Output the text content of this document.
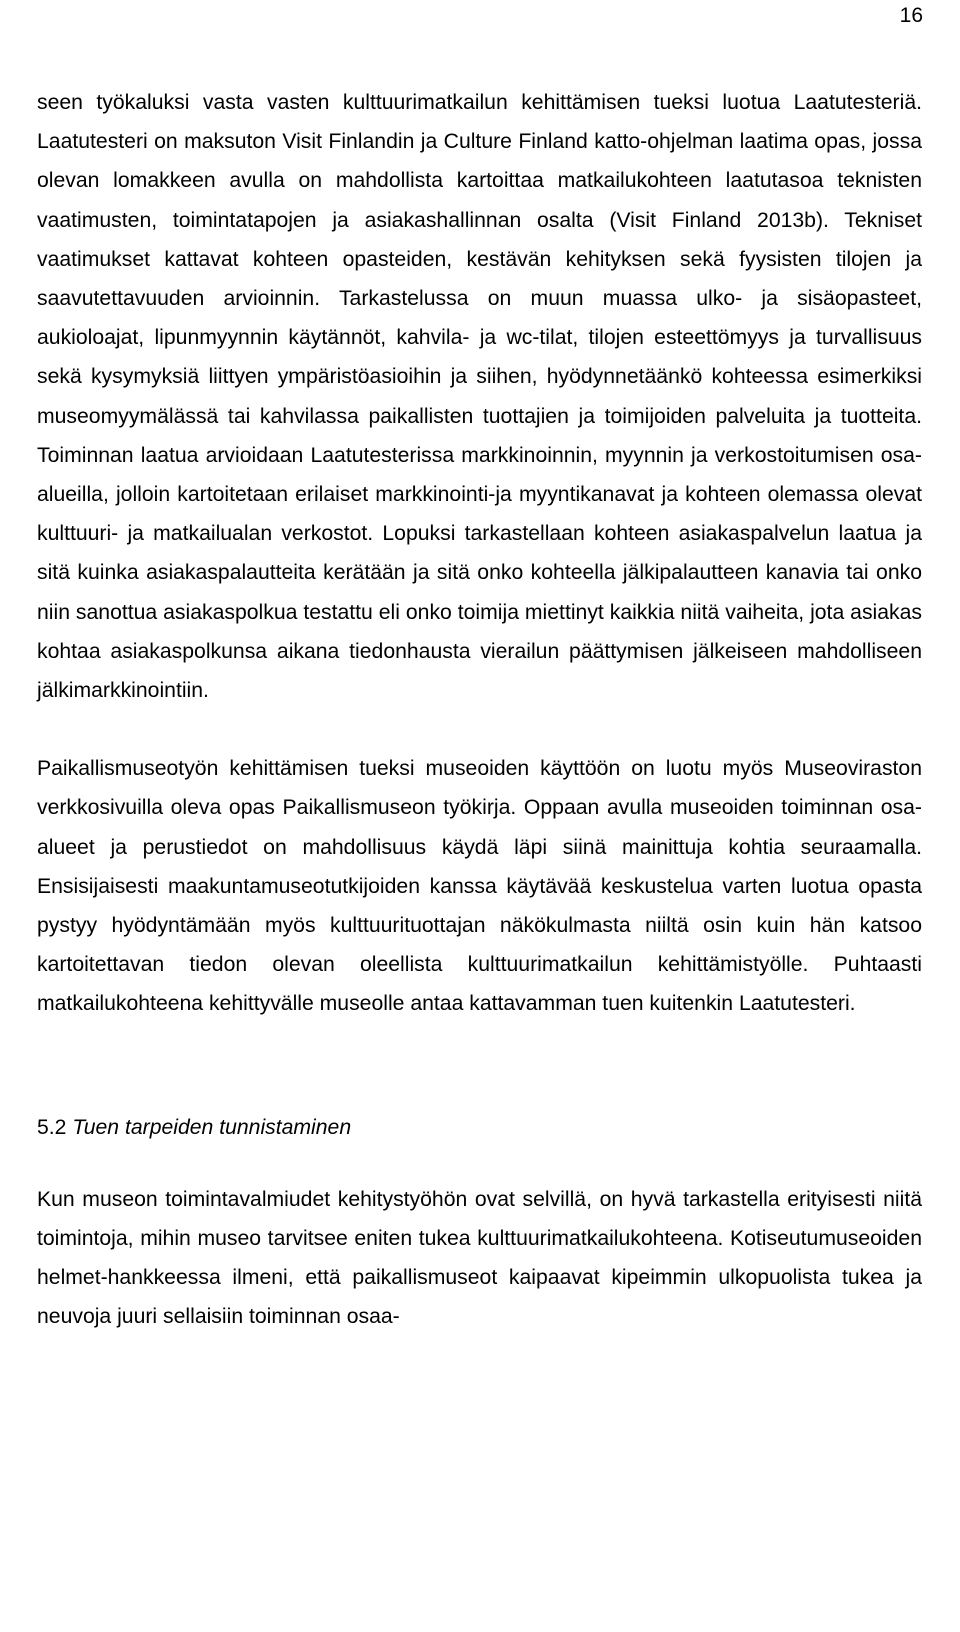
16

seen työkaluksi vasta vasten kulttuurimatkailun kehittämisen tueksi luotua Laatutesteriä. Laatutesteri on maksuton Visit Finlandin ja Culture Finland katto-ohjelman laatima opas, jossa olevan lomakkeen avulla on mahdollista kartoittaa matkailukohteen laatutasoa teknisten vaatimusten, toimintatapojen ja asiakashallinnan osalta (Visit Finland 2013b). Tekniset vaatimukset kattavat kohteen opasteiden, kestävän kehityksen sekä fyysisten tilojen ja saavutettavuuden arvioinnin. Tarkastelussa on muun muassa ulko- ja sisäopasteet, aukioloajat, lipunmyynnin käytännöt, kahvila- ja wc-tilat, tilojen esteettömyys ja turvallisuus sekä kysymyksiä liittyen ympäristöasioihin ja siihen, hyödynnetäänkö kohteessa esimerkiksi museomyymälässä tai kahvilassa paikallisten tuottajien ja toimijoiden palveluita ja tuotteita. Toiminnan laatua arvioidaan Laatutesterissa markkinoinnin, myynnin ja verkostoitumisen osa-alueilla, jolloin kartoitetaan erilaiset markkinointi-ja myyntikanavat ja kohteen olemassa olevat kulttuuri- ja matkailualan verkostot. Lopuksi tarkastellaan kohteen asiakaspalvelun laatua ja sitä kuinka asiakaspalautteita kerätään ja sitä onko kohteella jälkipalautteen kanavia tai onko niin sanottua asiakaspolkua testattu eli onko toimija miettinyt kaikkia niitä vaiheita, jota asiakas kohtaa asiakaspolkunsa aikana tiedonhausta vierailun päättymisen jälkeiseen mahdolliseen jälkimarkkinointiin.

Paikallismuseotyön kehittämisen tueksi museoiden käyttöön on luotu myös Museoviraston verkkosivuilla oleva opas Paikallismuseon työkirja. Oppaan avulla museoiden toiminnan osa-alueet ja perustiedot on mahdollisuus käydä läpi siinä mainittuja kohtia seuraamalla. Ensisijaisesti maakuntamuseotutkijoiden kanssa käytävää keskustelua varten luotua opasta pystyy hyödyntämään myös kulttuurituottajan näkökulmasta niiltä osin kuin hän katsoo kartoitettavan tiedon olevan oleellista kulttuurimatkailun kehittämistyölle. Puhtaasti matkailukohteena kehittyvälle museolle antaa kattavamman tuen kuitenkin Laatutesteri.

5.2 Tuen tarpeiden tunnistaminen

Kun museon toimintavalmiudet kehitystyöhön ovat selvillä, on hyvä tarkastella erityisesti niitä toimintoja, mihin museo tarvitsee eniten tukea kulttuurimatkailukohteena. Kotiseutumuseoiden helmet-hankkeessa ilmeni, että paikallismuseot kaipaavat kipeimmin ulkopuolista tukea ja neuvoja juuri sellaisiin toiminnan osaa-
